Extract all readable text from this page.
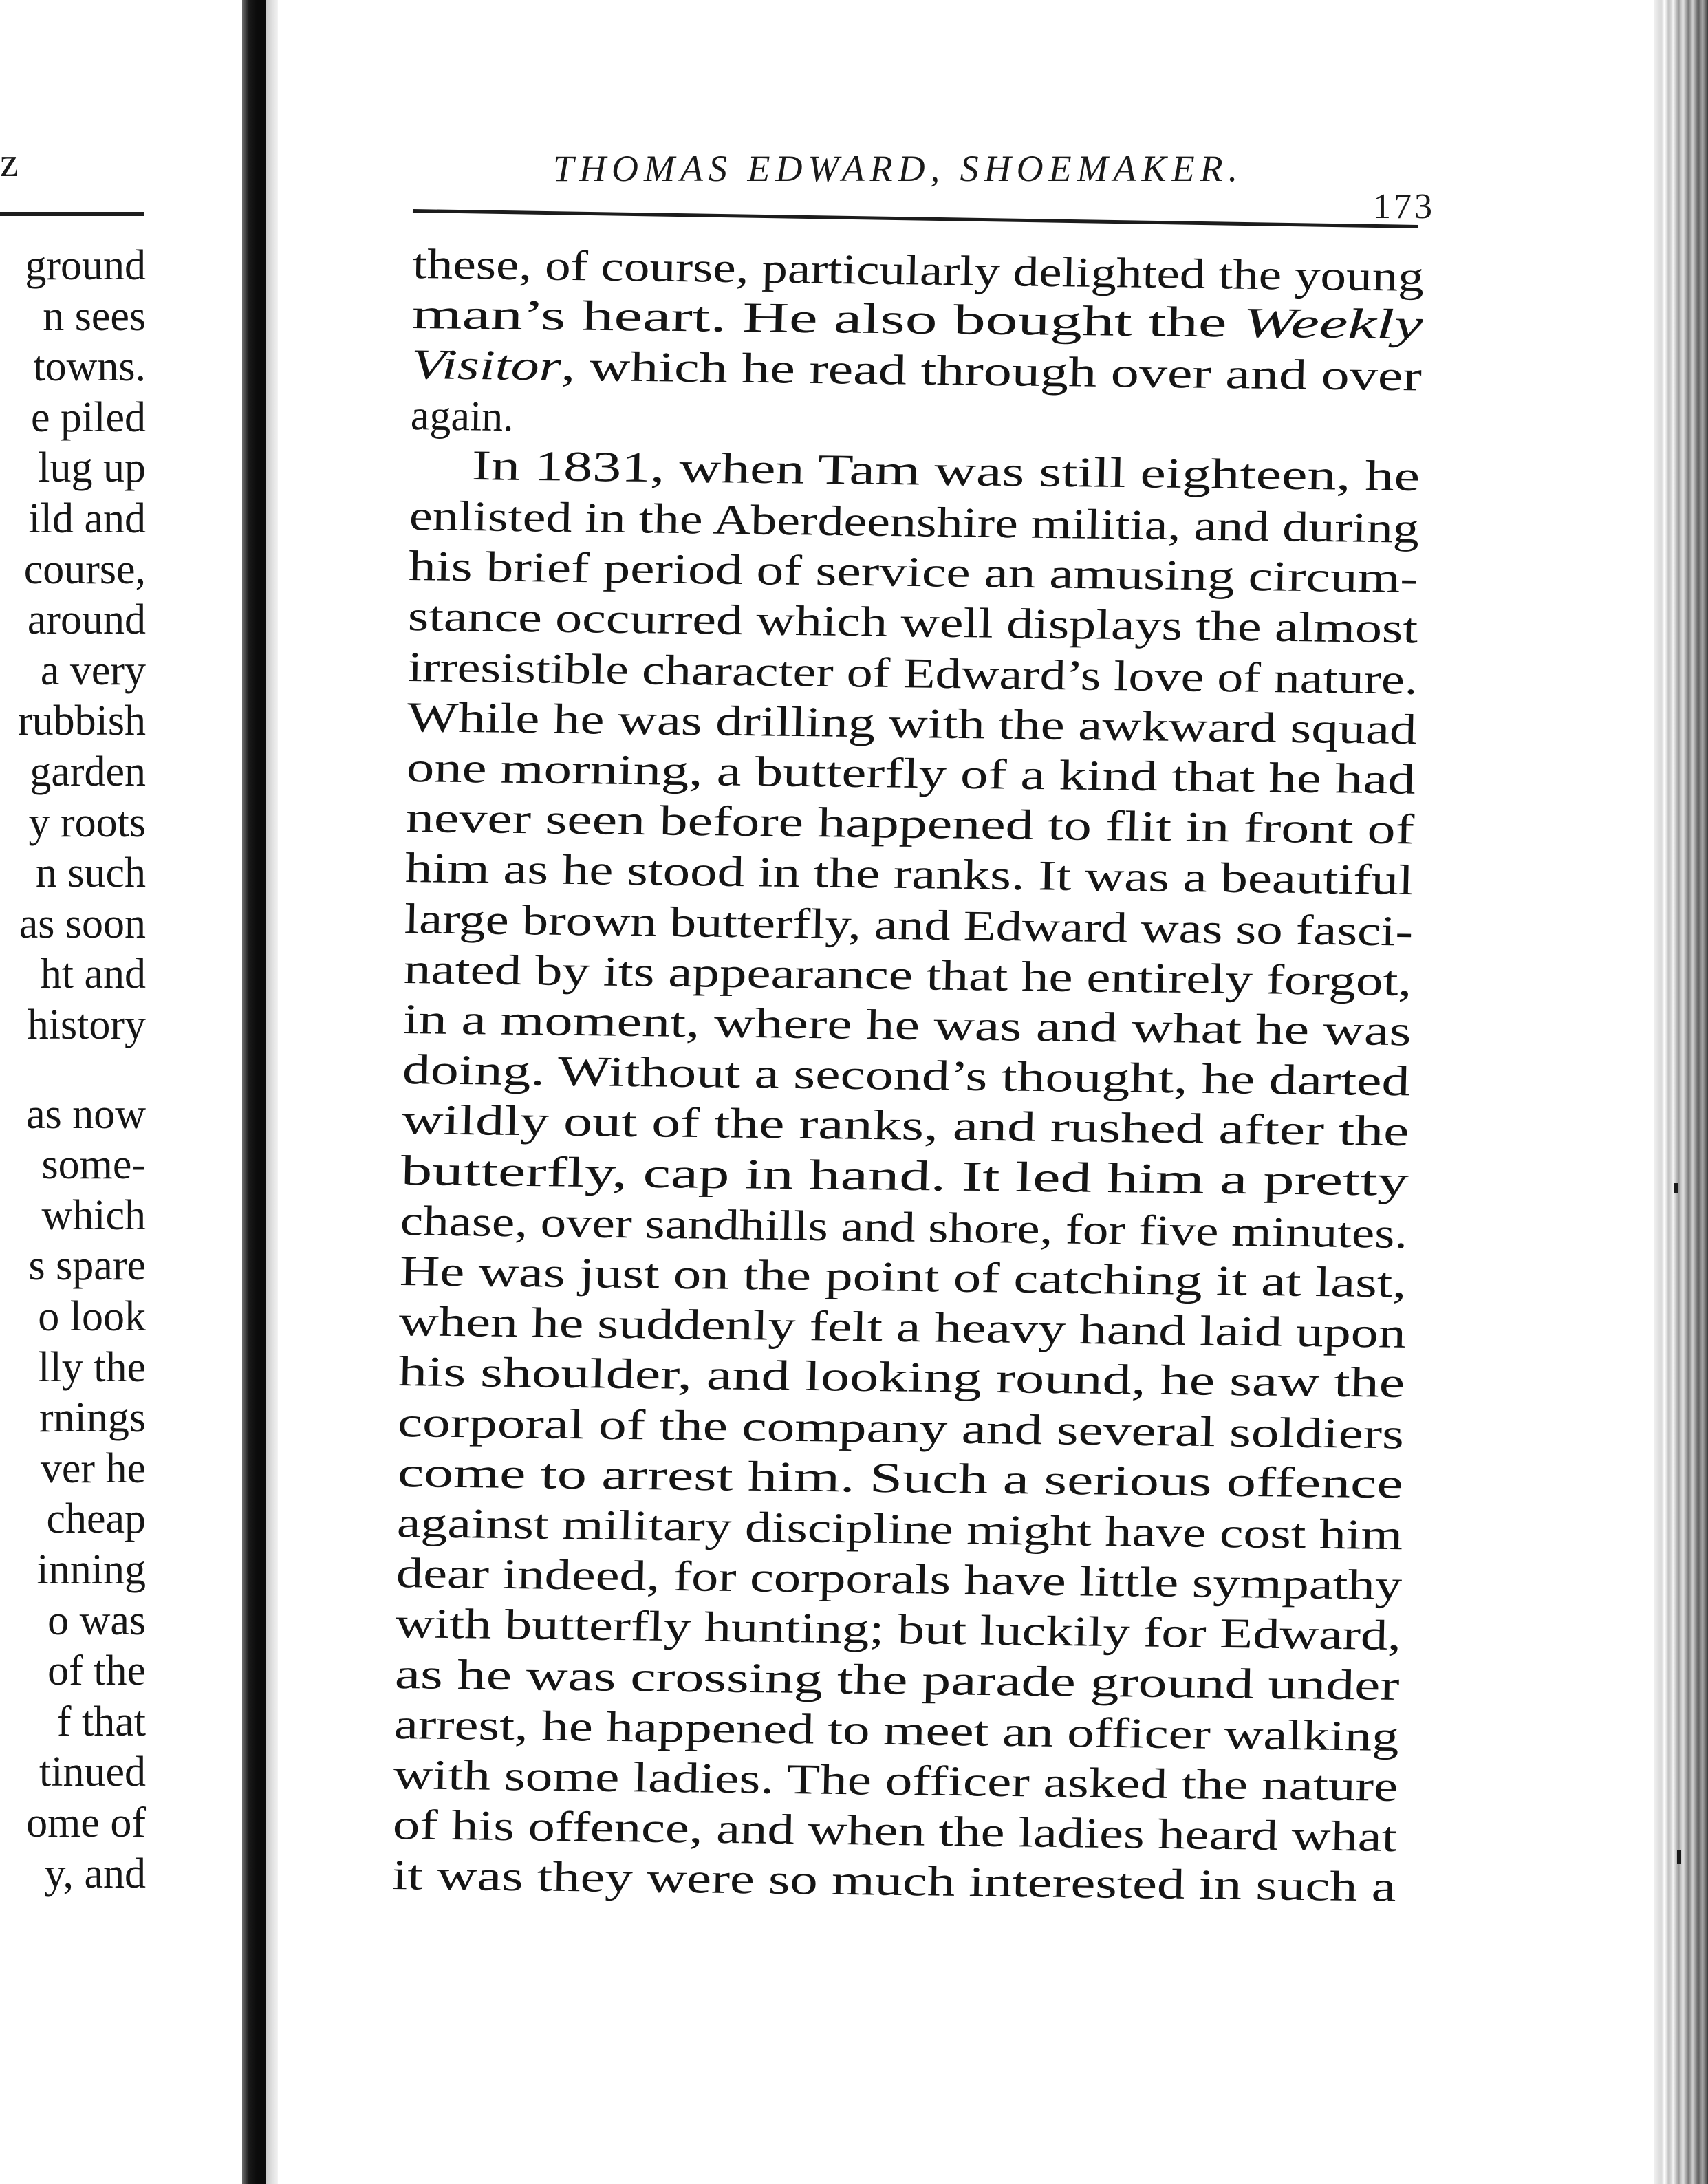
z
ground
n sees
towns.
e piled
lug up
ild and
course,
around
a very
rubbish
garden
y roots
n such
as soon
ht and
history
as now
some-
which
s spare
o look
lly the
rnings
ver he
cheap
inning
o was
of the
f that
tinued
ome of
y, and
THOMAS EDWARD, SHOEMAKER.
173
these, of course, particularly delighted the young
man’s heart. He also bought the Weekly
Visitor, which he read through over and over
again.
In 1831, when Tam was still eighteen, he
enlisted in the Aberdeenshire militia, and during
his brief period of service an amusing circum-
stance occurred which well displays the almost
irresistible character of Edward’s love of nature.
While he was drilling with the awkward squad
one morning, a butterfly of a kind that he had
never seen before happened to flit in front of
him as he stood in the ranks. It was a beautiful
large brown butterfly, and Edward was so fasci-
nated by its appearance that he entirely forgot,
in a moment, where he was and what he was
doing. Without a second’s thought, he darted
wildly out of the ranks, and rushed after the
butterfly, cap in hand. It led him a pretty
chase, over sandhills and shore, for five minutes.
He was just on the point of catching it at last,
when he suddenly felt a heavy hand laid upon
his shoulder, and looking round, he saw the
corporal of the company and several soldiers
come to arrest him. Such a serious offence
against military discipline might have cost him
dear indeed, for corporals have little sympathy
with butterfly hunting; but luckily for Edward,
as he was crossing the parade ground under
arrest, he happened to meet an officer walking
with some ladies. The officer asked the nature
of his offence, and when the ladies heard what
it was they were so much interested in such a
